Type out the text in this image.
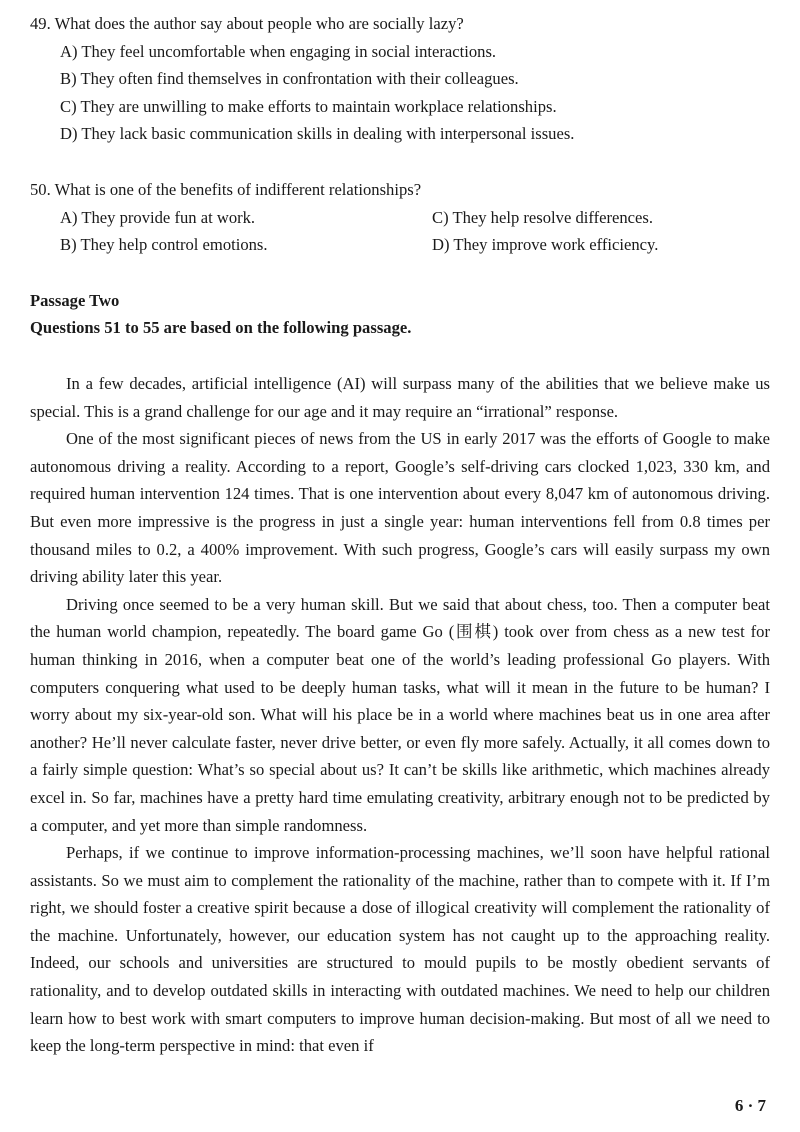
49. What does the author say about people who are socially lazy?
A) They feel uncomfortable when engaging in social interactions.
B) They often find themselves in confrontation with their colleagues.
C) They are unwilling to make efforts to maintain workplace relationships.
D) They lack basic communication skills in dealing with interpersonal issues.
50. What is one of the benefits of indifferent relationships?
A) They provide fun at work.	C) They help resolve differences.
B) They help control emotions.	D) They improve work efficiency.
Passage Two
Questions 51 to 55 are based on the following passage.

In a few decades, artificial intelligence (AI) will surpass many of the abilities that we believe make us special. This is a grand challenge for our age and it may require an “irrational” response.

One of the most significant pieces of news from the US in early 2017 was the efforts of Google to make autonomous driving a reality. According to a report, Google’s self-driving cars clocked 1,023, 330 km, and required human intervention 124 times. That is one intervention about every 8,047 km of autonomous driving. But even more impressive is the progress in just a single year: human interventions fell from 0.8 times per thousand miles to 0.2, a 400% improvement. With such progress, Google’s cars will easily surpass my own driving ability later this year.

Driving once seemed to be a very human skill. But we said that about chess, too. Then a computer beat the human world champion, repeatedly. The board game Go (围棋) took over from chess as a new test for human thinking in 2016, when a computer beat one of the world’s leading professional Go players. With computers conquering what used to be deeply human tasks, what will it mean in the future to be human? I worry about my six-year-old son. What will his place be in a world where machines beat us in one area after another? He’ll never calculate faster, never drive better, or even fly more safely. Actually, it all comes down to a fairly simple question: What’s so special about us? It can’t be skills like arithmetic, which machines already excel in. So far, machines have a pretty hard time emulating creativity, arbitrary enough not to be predicted by a computer, and yet more than simple randomness.

Perhaps, if we continue to improve information-processing machines, we’ll soon have helpful rational assistants. So we must aim to complement the rationality of the machine, rather than to compete with it. If I’m right, we should foster a creative spirit because a dose of illogical creativity will complement the rationality of the machine. Unfortunately, however, our education system has not caught up to the approaching reality. Indeed, our schools and universities are structured to mould pupils to be mostly obedient servants of rationality, and to develop outdated skills in interacting with outdated machines. We need to help our children learn how to best work with smart computers to improve human decision-making. But most of all we need to keep the long-term perspective in mind: that even if

6 · 7
